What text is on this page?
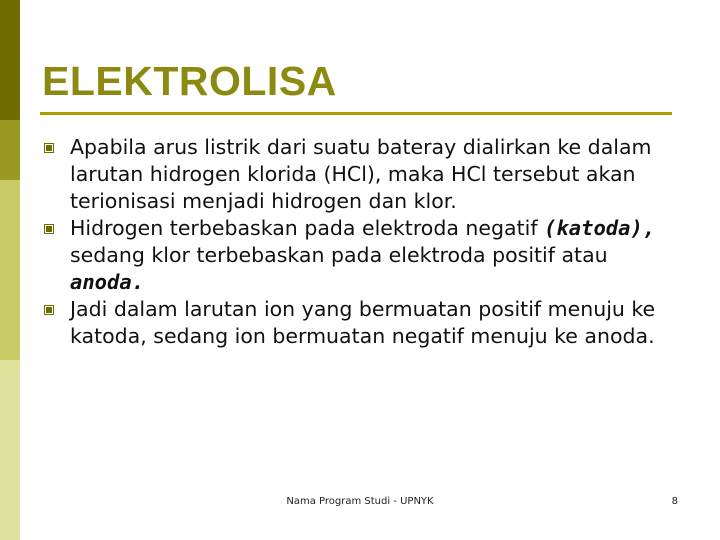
ELEKTROLISA
Apabila arus listrik dari suatu bateray dialirkan ke dalam larutan hidrogen klorida (HCl), maka HCl tersebut akan terionisasi menjadi hidrogen dan klor.
Hidrogen terbebaskan pada elektroda negatif (katoda), sedang klor terbebaskan pada elektroda positif atau anoda.
Jadi dalam larutan ion yang bermuatan positif menuju ke katoda, sedang ion bermuatan negatif menuju ke anoda.
Nama Program Studi - UPNYK	8
